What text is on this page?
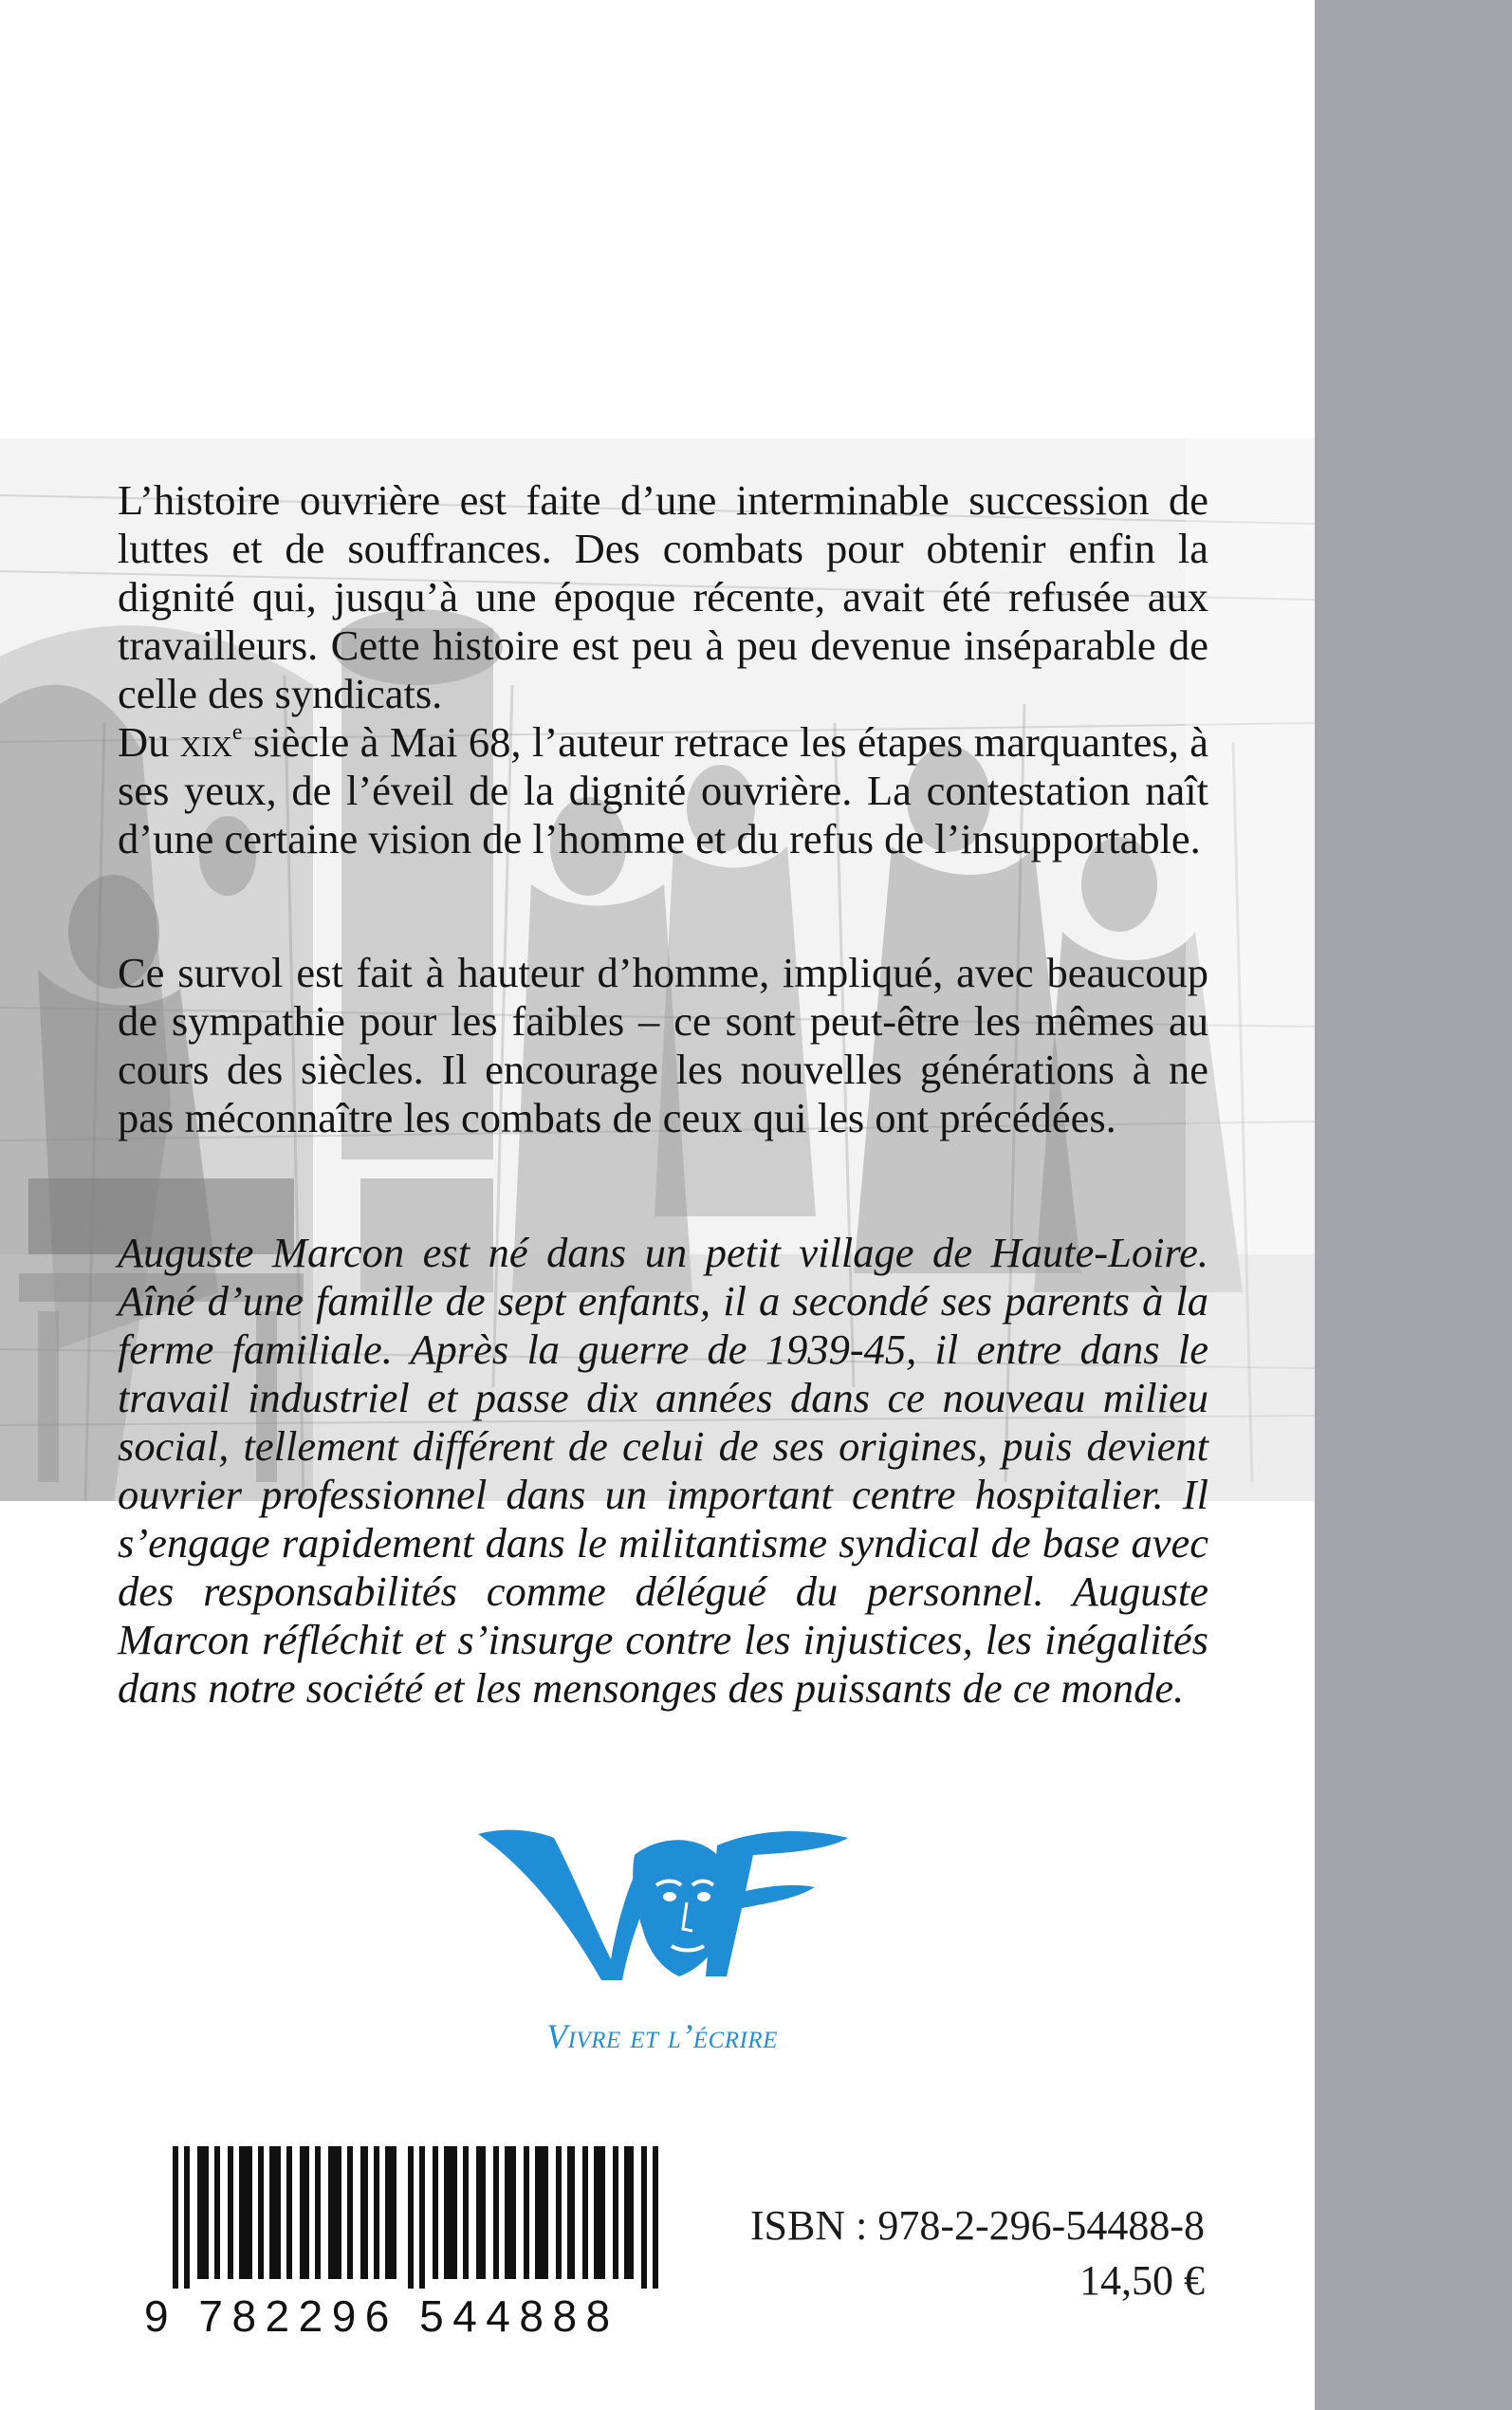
L’histoire ouvrière est faite d’une interminable succession de luttes et de souffrances. Des combats pour obtenir enfin la dignité qui, jusqu’à une époque récente, avait été refusée aux travailleurs. Cette histoire est peu à peu devenue inséparable de celle des syndicats.

Du xix$^e$ siècle à Mai 68, l’auteur retrace les étapes marquantes, à ses yeux, de l’éveil de la dignité ouvrière. La contestation naît d’une certaine vision de l’homme et du refus de l’insupportable.

Ce survol est fait à hauteur d’homme, impliqué, avec beaucoup de sympathie pour les faibles – ce sont peut-être les mêmes au cours des siècles. Il encourage les nouvelles générations à ne pas méconnaître les combats de ceux qui les ont précédées.

Auguste Marcon est né dans un petit village de Haute-Loire. Aîné d’une famille de sept enfants, il a secondé ses parents à la ferme familiale. Après la guerre de 1939-45, il entre dans le travail industriel et passe dix années dans ce nouveau milieu social, tellement différent de celui de ses origines, puis devient ouvrier professionnel dans un important centre hospitalier. Il s’engage rapidement dans le militantisme syndical de base avec des responsabilités comme délégué du personnel. Auguste Marcon réfléchit et s’insurge contre les injustices, les inégalités dans notre société et les mensonges des puissants de ce monde.

Vivre et l’écrire
9 782296 544888
ISBN : 978-2-296-54488-8
14,50 €
